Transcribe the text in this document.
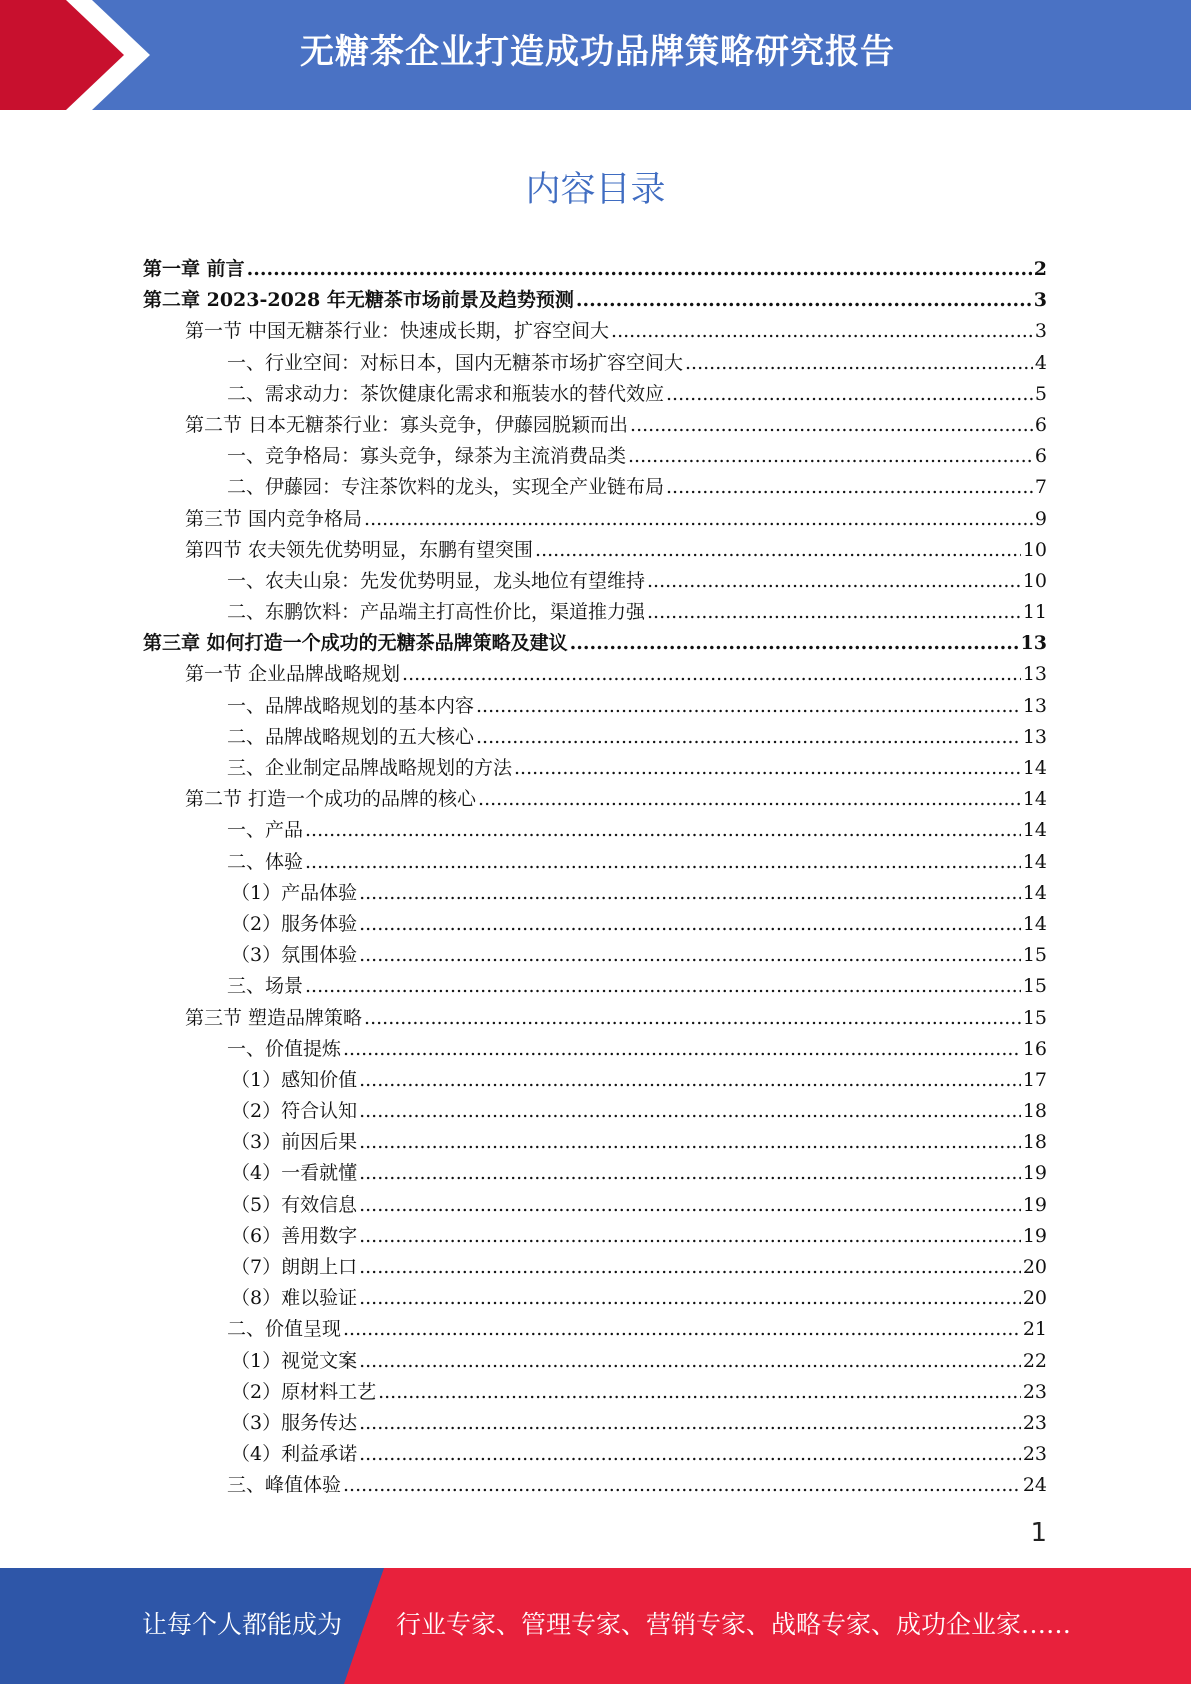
无糖茶企业打造成功品牌策略研究报告
内容目录
第一章 前言 .....	2
第二章 2023-2028 年无糖茶市场前景及趋势预测 .....	3
第一节 中国无糖茶行业：快速成长期，扩容空间大 .....	3
一、行业空间：对标日本，国内无糖茶市场扩容空间大 .....	4
二、需求动力：茶饮健康化需求和瓶装水的替代效应 .....	5
第二节 日本无糖茶行业：寡头竞争，伊藤园脱颖而出 .....	6
一、竞争格局：寡头竞争，绿茶为主流消费品类 .....	6
二、伊藤园：专注茶饮料的龙头，实现全产业链布局 .....	7
第三节 国内竞争格局 .....	9
第四节 农夫领先优势明显，东鹏有望突围 .....	10
一、农夫山泉：先发优势明显，龙头地位有望维持 .....	10
二、东鹏饮料：产品端主打高性价比，渠道推力强 .....	11
第三章 如何打造一个成功的无糖茶品牌策略及建议 .....	13
第一节 企业品牌战略规划 .....	13
一、品牌战略规划的基本内容 .....	13
二、品牌战略规划的五大核心 .....	13
三、企业制定品牌战略规划的方法 .....	14
第二节 打造一个成功的品牌的核心 .....	14
一、产品 .....	14
二、体验 .....	14
（1）产品体验 .....	14
（2）服务体验 .....	14
（3）氛围体验 .....	15
三、场景 .....	15
第三节 塑造品牌策略 .....	15
一、价值提炼 .....	16
（1）感知价值 .....	17
（2）符合认知 .....	18
（3）前因后果 .....	18
（4）一看就懂 .....	19
（5）有效信息 .....	19
（6）善用数字 .....	19
（7）朗朗上口 .....	20
（8）难以验证 .....	20
二、价值呈现 .....	21
（1）视觉文案 .....	22
（2）原材料工艺 .....	23
（3）服务传达 .....	23
（4）利益承诺 .....	23
三、峰值体验 .....	24
1
让每个人都能成为 行业专家、管理专家、营销专家、战略专家、成功企业家……
